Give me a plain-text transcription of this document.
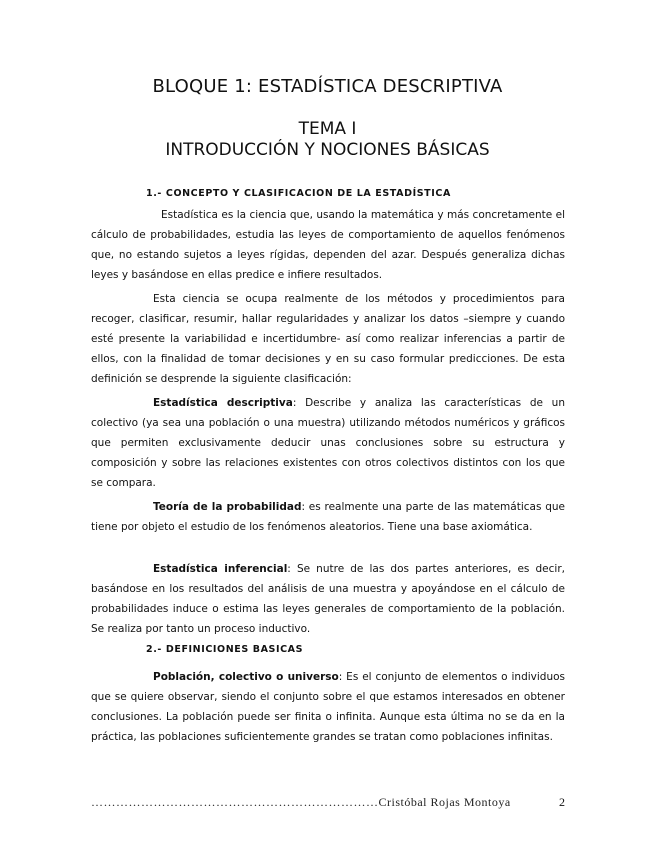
BLOQUE 1: ESTADÍSTICA DESCRIPTIVA
TEMA I
INTRODUCCIÓN Y NOCIONES BÁSICAS
1.- CONCEPTO Y CLASIFICACION DE LA ESTADÍSTICA
Estadística es la ciencia que, usando la matemática y más concretamente el cálculo de probabilidades, estudia las leyes de comportamiento de aquellos fenómenos que, no estando sujetos a leyes rígidas, dependen del azar. Después generaliza dichas leyes y basándose en ellas predice e infiere resultados.
Esta ciencia se ocupa realmente de los métodos y procedimientos para recoger, clasificar, resumir, hallar regularidades y analizar los datos –siempre y cuando esté presente la variabilidad e incertidumbre- así como realizar inferencias a partir de ellos, con la finalidad de tomar decisiones y en su caso formular predicciones. De esta definición se desprende la siguiente clasificación:
Estadística descriptiva: Describe y analiza las características de un colectivo (ya sea una población o una muestra) utilizando métodos numéricos y gráficos que permiten exclusivamente deducir unas conclusiones sobre su estructura y composición y sobre las relaciones existentes con otros colectivos distintos con los que se compara.
Teoría de la probabilidad: es realmente una parte de las matemáticas que tiene por objeto el estudio de los fenómenos aleatorios. Tiene una base axiomática.
Estadística inferencial: Se nutre de las dos partes anteriores, es decir, basándose en los resultados del análisis de una muestra y apoyándose en el cálculo de probabilidades induce o estima las leyes generales de comportamiento de la población. Se realiza por tanto un proceso inductivo.
2.- DEFINICIONES BASICAS
Población, colectivo o universo: Es el conjunto de elementos o individuos que se quiere observar, siendo el conjunto sobre el que estamos interesados en obtener conclusiones. La población puede ser finita o infinita. Aunque esta última no se da en la práctica, las poblaciones suficientemente grandes se tratan como poblaciones infinitas.
……………………………………………………………Cristóbal Rojas Montoya	2
